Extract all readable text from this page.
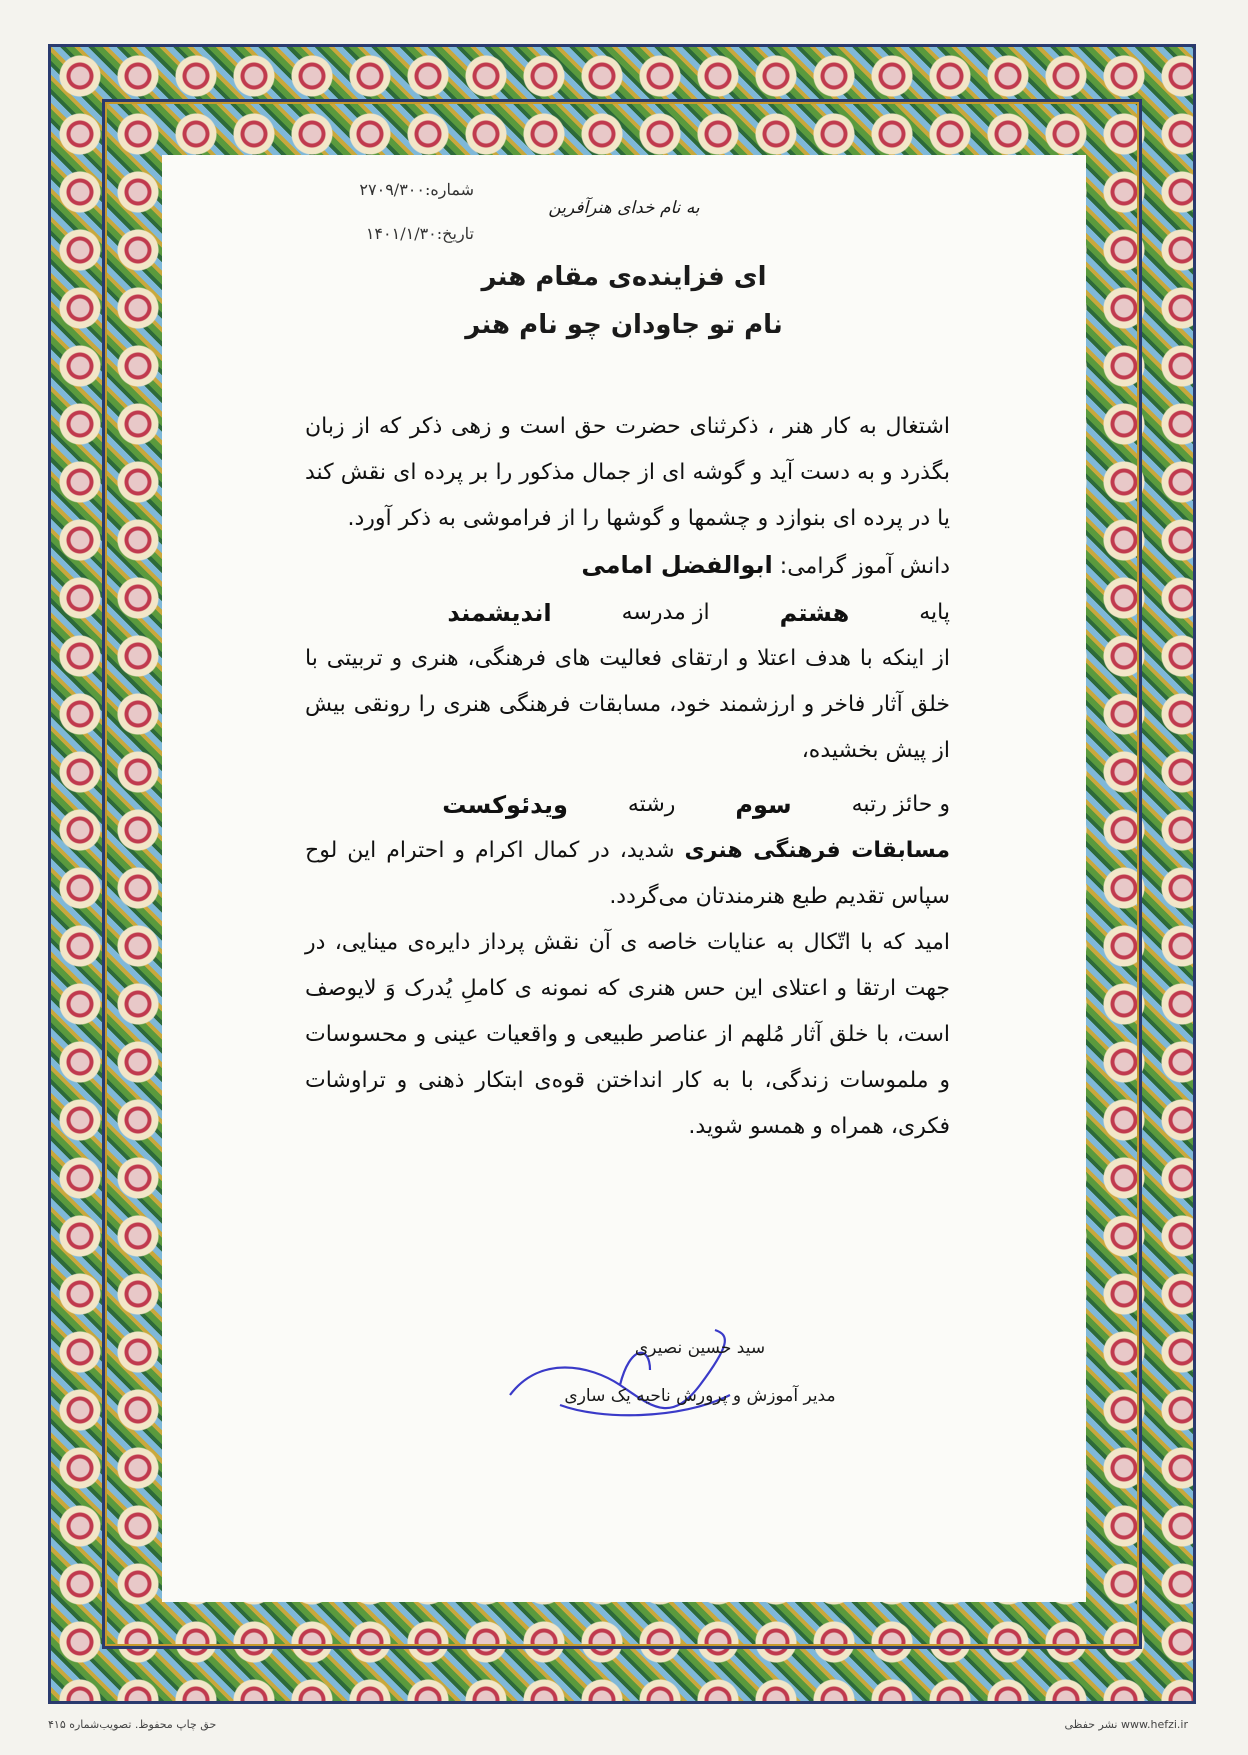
شماره:۲۷۰۹/۳۰۰
تاریخ:۱۴۰۱/۱/۳۰
به نام خدای هنرآفرین
ای فزاینده‌ی مقام هنر
نام تو جاودان چو نام هنر

اشتغال به کار هنر ، ذکرثنای حضرت حق است و زهی ذکر که از زبان بگذرد و به دست آید و گوشه ای از جمال مذکور را بر پرده ای نقش کند یا در پرده ای بنوازد و چشمها و گوشها را از فراموشی به ذکر آورد.

دانش آموز گرامی: ابوالفضل امامی

پایه
هشتم
از مدرسه
اندیشمند

از اینکه با هدف اعتلا و ارتقای فعالیت های فرهنگی، هنری و تربیتی با خلق آثار فاخر و ارزشمند خود، مسابقات فرهنگی هنری را رونقی بیش از پیش بخشیده،

و حائز رتبه
سوم
رشته
ویدئوکست

مسابقات فرهنگی هنری شدید، در کمال اکرام و احترام این لوح سپاس تقدیم طبع هنرمندتان می‌گردد.

امید که با اتّکال به عنایات خاصه ی آن نقش پرداز دایره‌ی مینایی، در جهت ارتقا و اعتلای این حس هنری که نمونه ی کاملِ یُدرک وَ لایوصف است، با خلق آثار مُلهم از عناصر طبیعی و واقعیات عینی و محسوسات و ملموسات زندگی، با به کار انداختن قوه‌ی ابتکار ذهنی و تراوشات فکری، همراه و همسو شوید.

سید حسین نصیری
مدیر آموزش و پرورش ناحیه یک ساری
حق چاپ محفوظ. تصویب‌شماره ۴۱۵	www.hefzi.ir نشر حفظی
